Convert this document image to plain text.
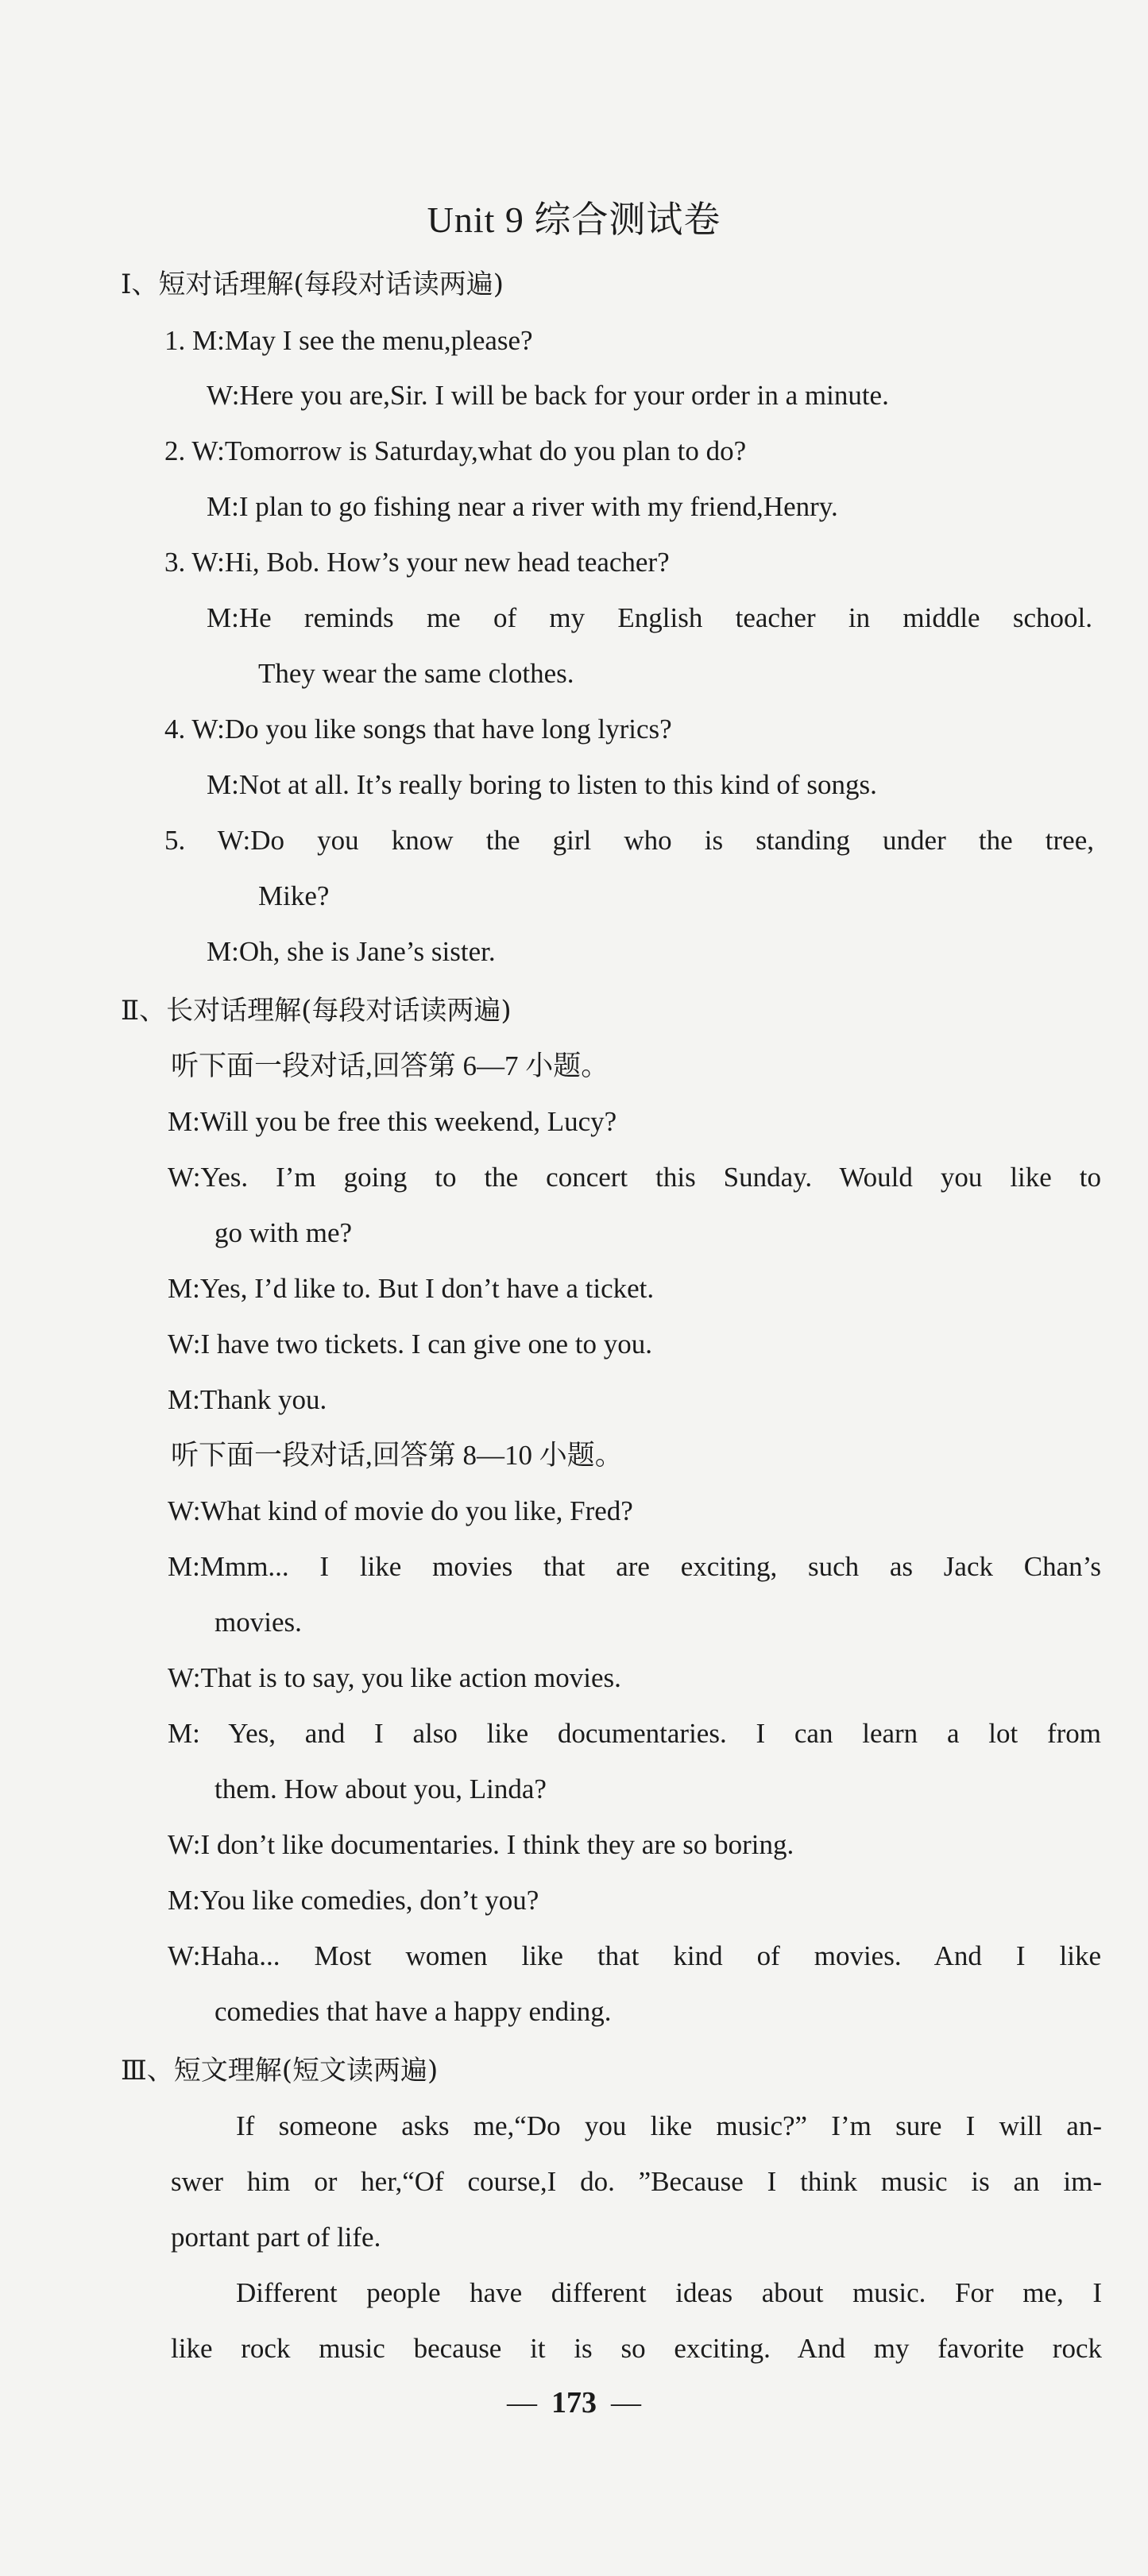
Unit 9 综合测试卷
Ⅰ、短对话理解(每段对话读两遍)
1. M:May I see the menu,please?
W:Here you are,Sir. I will be back for your order in a minute.
2. W:Tomorrow is Saturday,what do you plan to do?
M:I plan to go fishing near a river with my friend,Henry.
3. W:Hi, Bob. How’s your new head teacher?
M:He reminds me of my English teacher in middle school.
They wear the same clothes.
4. W:Do you like songs that have long lyrics?
M:Not at all. It’s really boring to listen to this kind of songs.
5. W:Do you know the girl who is standing under the tree,
Mike?
M:Oh, she is Jane’s sister.
Ⅱ、长对话理解(每段对话读两遍)
听下面一段对话,回答第 6—7 小题。
M:Will you be free this weekend, Lucy?
W:Yes. I’m going to the concert this Sunday. Would you like to
go with me?
M:Yes, I’d like to. But I don’t have a ticket.
W:I have two tickets. I can give one to you.
M:Thank you.
听下面一段对话,回答第 8—10 小题。
W:What kind of movie do you like, Fred?
M:Mmm... I like movies that are exciting, such as Jack Chan’s
movies.
W:That is to say, you like action movies.
M: Yes, and I also like documentaries. I can learn a lot from
them. How about you, Linda?
W:I don’t like documentaries. I think they are so boring.
M:You like comedies, don’t you?
W:Haha... Most women like that kind of movies. And I like
comedies that have a happy ending.
Ⅲ、短文理解(短文读两遍)
If someone asks me,“Do you like music?” I’m sure I will an-
swer him or her,“Of course,I do. ”Because I think music is an im-
portant part of life.
Different people have different ideas about music. For me, I
like rock music because it is so exciting. And my favorite rock
— 173 —
